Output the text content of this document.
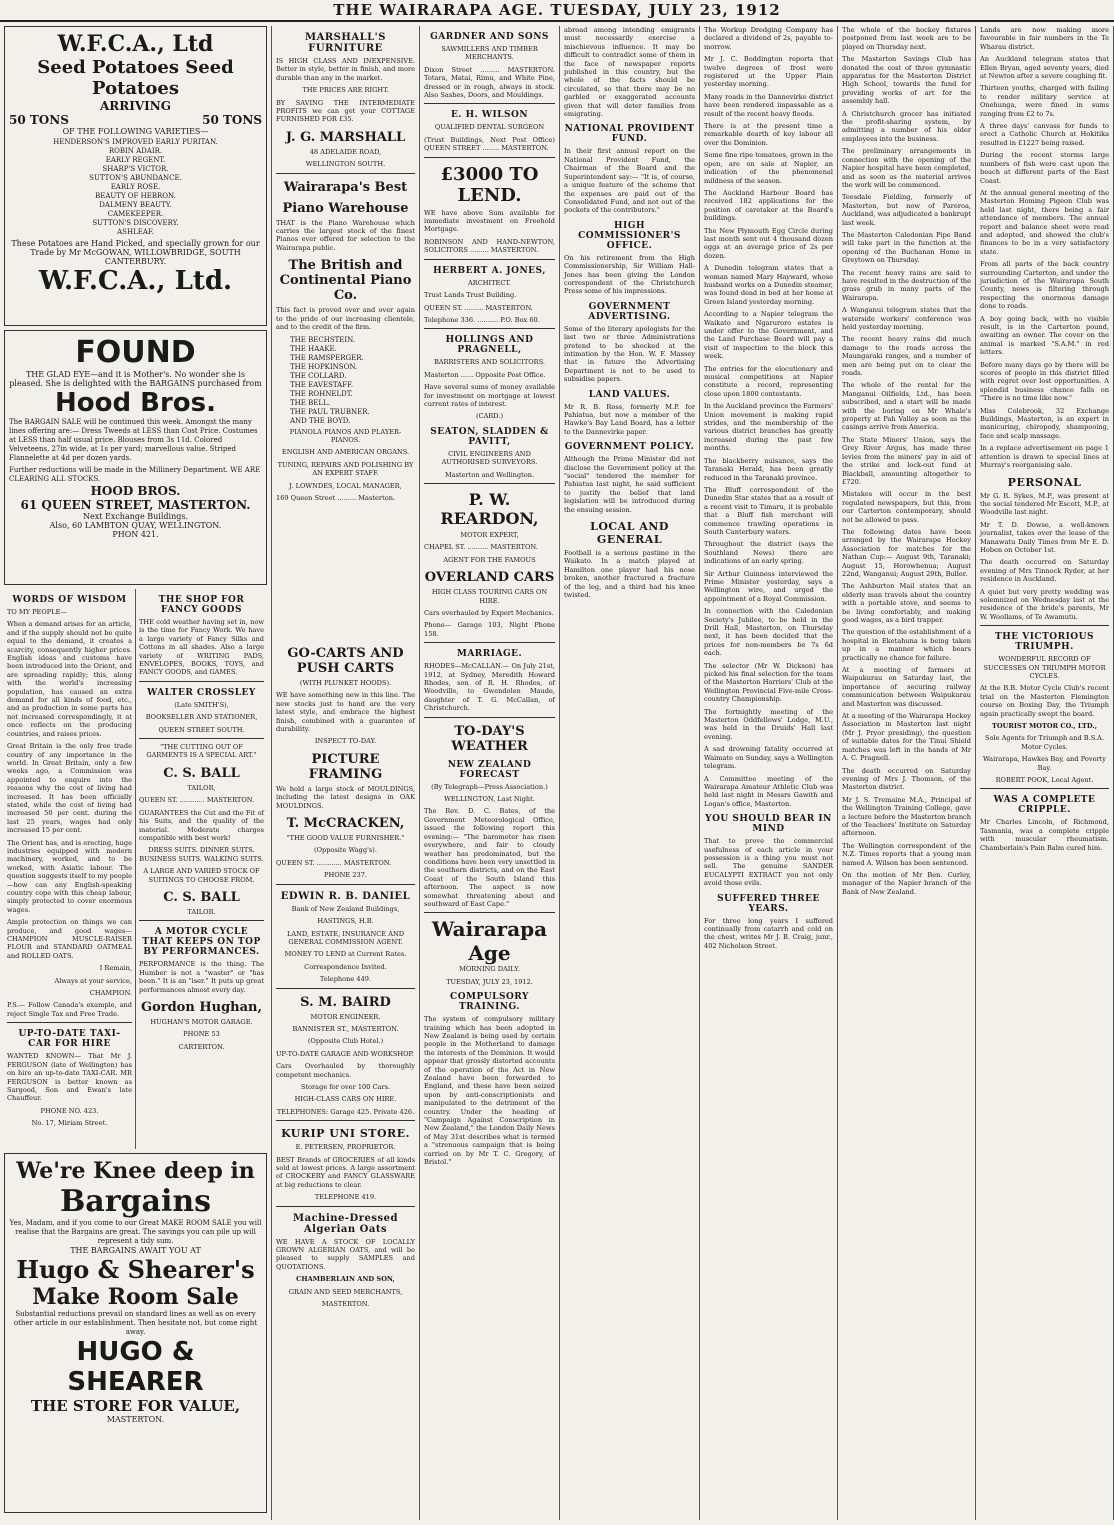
THE WAIRARAPA AGE. TUESDAY, JULY 23, 1912
W.F.C.A., Ltd
Seed Potatoes Seed Potatoes
ARRIVING
50 TONS	50 TONS
OF THE FOLLOWING VARIETIES—
HENDERSON'S IMPROVED EARLY PURITAN.
ROBIN ADAIR.
EARLY REGENT.
SHARP'S VICTOR.
SUTTON'S ABUNDANCE.
EARLY ROSE.
BEAUTY OF HEBRON.
DALMENY BEAUTY.
CAMEKEEPER.
SUTTON'S DISCOVERY.
ASHLEAF.
These Potatoes are Hand Picked, and specially grown for our Trade by Mr McGOWAN, WILLOWBRIDGE, SOUTH CANTERBURY.
W.F.C.A., Ltd.
FOUND
THE GLAD EYE—and it is Mother's. No wonder she is pleased. She is delighted with the BARGAINS purchased from
Hood Bros.
The BARGAIN SALE will be continued this week. Amongst the many lines offering are:— Dress Tweeds at LESS than Cost Price. Costumes at LESS than half usual price. Blouses from 3s 11d. Colored Velveteens, 27in wide, at 1s per yard; marvellous value. Striped Flannelette at 4d per dozen yards.
Further reductions will be made in the Millinery Department. WE ARE CLEARING ALL STOCKS.
HOOD BROS.
61 QUEEN STREET, MASTERTON.
Next Exchange Buildings.
Also, 60 LAMBTON QUAY, WELLINGTON.
PHON 421.
WORDS OF WISDOM
TO MY PEOPLE—
When a demand arises for an article, and if the supply should not be quite equal to the demand, it creates a scarcity, consequently higher prices. English ideas and customs have been introduced into the Orient, and are spreading rapidly; this, along with the world's increasing population, has caused an extra demand for all kinds of food, etc., and as production in some parts has not increased correspondingly, it at once reflects on the producing countries, and raises prices.
Great Britain is the only free trade country of any importance in the world. In Great Britain, only a few weeks ago, a Commission was appointed to enquire into the reasons why the cost of living had increased. It has been officially stated, while the cost of living had increased 50 per cent. during the last 25 years, wages had only increased 15 per cent.
The Orient has, and is erecting, huge industries equipped with modern machinery, worked, and to be worked, with Asiatic labour. The question suggests itself to my people—how can any English-speaking country cope with this cheap labour, simply protected to cover enormous wages.
Ample protection on things we can produce, and good wages—CHAMPION MUSCLE-RAISER FLOUR and STANDARD OATMEAL and ROLLED OATS.
I Remain,
Always at your service,
CHAMPION.
P.S.— Follow Canada's example, and reject Single Tax and Free Trade.
UP-TO-DATE TAXI-CAR FOR HIRE
WANTED KNOWN— That Mr J. FERGUSON (late of Wellington) has on hire an up-to-date TAXI-CAR. MR FERGUSON is better known as Sargood, Son and Ewan's late Chauffeur.
PHONE NO. 423.
No. 17, Miriam Street.
THE SHOP FOR FANCY GOODS
THE cold weather having set in, now is the time for Fancy Work. We have a large variety of Fancy Silks and Cottons in all shades. Also a large variety of WRITING PADS, ENVELOPES, BOOKS, TOYS, and FANCY GOODS, and GAMES.
WALTER CROSSLEY
(Late SMITH'S),
BOOKSELLER AND STATIONER,
QUEEN STREET SOUTH.
"THE CUTTING OUT OF GARMENTS IS A SPECIAL ART."
C. S. BALL
TAILOR,
QUEEN ST. ............ MASTERTON.
GUARANTEES the Cut and the Fit of his Suits, and the quality of the material. Moderate charges compatible with best work!
DRESS SUITS. DINNER SUITS. BUSINESS SUITS. WALKING SUITS.
A LARGE AND VARIED STOCK OF SUITINGS TO CHOOSE FROM.
C. S. BALL
TAILOR.
A MOTOR CYCLE THAT KEEPS ON TOP BY PERFORMANCES.
PERFORMANCE is the thing. The Humber is not a "waster" or "has been." It is an "iser." It puts up great performances almost every day.
Gordon Hughan,
HUGHAN'S MOTOR GARAGE.
PHONE 53
CARTERTON.
We're Knee deep in
Bargains
Yes, Madam, and if you come to our Great MAKE ROOM SALE you will realise that the Bargains are great. The savings you can pile up will represent a tidy sum.
THE BARGAINS AWAIT YOU AT
Hugo & Shearer's
Make Room Sale
Substantial reductions prevail on standard lines as well as on every other article in our establishment. Then hesitate not, but come right away.
HUGO & SHEARER
THE STORE FOR VALUE,
MASTERTON.
MARSHALL'S FURNITURE
IS HIGH CLASS AND INEXPENSIVE. Better in style, better in finish, and more durable than any in the market.
THE PRICES ARE RIGHT.
BY SAVING THE INTERMEDIATE PROFITS we can get your COTTAGE FURNISHED FOR £35.
J. G. MARSHALL
48 ADELAIDE ROAD,
WELLINGTON SOUTH.
Wairarapa's Best
Piano Warehouse
THAT is the Piano Warehouse which carries the largest stock of the finest Pianos ever offered for selection to the Wairarapa public.
The British and Continental Piano Co.
This fact is proved over and over again to the pride of our increasing clientele, and to the credit of the firm.
THE BECHSTEIN.
THE HAAKE.
THE RAMSPERGER.
THE HOPKINSON.
THE COLLARD.
THE EAVESTAFF.
THE ROHNELDT.
THE BELL.
THE PAUL TRUBNER.
AND THE BOYD.
PIANOLA PIANOS AND PLAYER-PIANOS.
ENGLISH AND AMERICAN ORGANS.
TUNING, REPAIRS AND POLISHING BY AN EXPERT STAFF.
J. LOWNDES, LOCAL MANAGER,
169 Queen Street ......... Masterton.
GO-CARTS AND PUSH CARTS
(WITH PLUNKET HOODS).
WE have something new in this line. The new stocks just to hand are the very latest style, and embrace the highest finish, combined with a guarantee of durability.
INSPECT TO-DAY.
PICTURE FRAMING
We hold a large stock of MOULDINGS, including the latest designs in OAK MOULDINGS.
T. McCRACKEN,
"THE GOOD VALUE FURNISHER."
(Opposite Wagg's).
QUEEN ST. ............ MASTERTON.
PHONE 237.
EDWIN R. B. DANIEL
Bank of New Zealand Buildings,
HASTINGS, H.B.
LAND, ESTATE, INSURANCE AND GENERAL COMMISSION AGENT.
MONEY TO LEND at Current Rates.
Correspondence Invited.
Telephone 449.
S. M. BAIRD
MOTOR ENGINEER.
BANNISTER ST., MASTERTON.
(Opposite Club Hotel.)
UP-TO-DATE GARAGE AND WORKSHOP.
Cars Overhauled by thoroughly competent mechanics.
Storage for over 100 Cars.
HIGH-CLASS CARS ON HIRE.
TELEPHONES: Garage 425. Private 426.
KURIP UNI STORE.
E. PETERSEN, PROPRIETOR.
BEST Brands of GROCERIES of all kinds sold at lowest prices. A large assortment of CROCKERY and FANCY GLASSWARE at big reductions to clear.
TELEPHONE 419.
Machine-Dressed Algerian Oats
WE HAVE A STOCK OF LOCALLY GROWN ALGERIAN OATS, and will be pleased to supply SAMPLES and QUOTATIONS.
CHAMBERLAIN AND SON,
GRAIN AND SEED MERCHANTS,
MASTERTON.
GARDNER AND SONS
SAWMILLERS AND TIMBER MERCHANTS.
Dixon Street ......... MASTERTON. Totara, Matai, Rimu, and White Pine, dressed or in rough, always in stock. Also Sashes, Doors, and Mouldings.
E. H. WILSON
QUALIFIED DENTAL SURGEON
(Trust Buildings, Next Post Office) QUEEN STREET ........ MASTERTON.
£3000 TO LEND.
WE have above Sum available for immediate investment on Freehold Mortgage.
ROBINSON AND HAND-NEWTON, SOLICITORS ......... MASTERTON.
HERBERT A. JONES,
ARCHITECT.
Trust Lands Trust Building.
QUEEN ST. ......... MASTERTON.
Telephone 336. .......... P.O. Box 60.
HOLLINGS AND PRAGNELL,
BARRISTERS AND SOLICITORS.
Masterton ...... Opposite Post Office.
Have several sums of money available for investment on mortgage at lowest current rates of interest.
(CARD.)
SEATON, SLADDEN & PAVITT,
CIVIL ENGINEERS AND AUTHORISED SURVEYORS.
Masterton and Wellington.
P. W. REARDON,
MOTOR EXPERT,
CHAPEL ST. .......... MASTERTON.
AGENT FOR THE FAMOUS
OVERLAND CARS
HIGH CLASS TOURING CARS ON HIRE.
Cars overhauled by Expert Mechanics.
Phone— Garage 103, Night Phone 158.
MARRIAGE.
RHODES—McCALLAN.— On July 21st, 1912, at Sydney, Meredith Howard Rhodes, son of R. H. Rhodes, of Woodville, to Gwendolen Maude, daughter of T. G. McCallan, of Christchurch.
TO-DAY'S WEATHER
NEW ZEALAND FORECAST
(By Telegraph—Press Association.)
WELLINGTON, Last Night.
The Rev. D. C. Bates, of the Government Meteorological Office, issued the following report this evening:— "The barometer has risen everywhere, and fair to cloudy weather has predominated, but the conditions have been very unsettled in the southern districts, and on the East Coast of the South Island this afternoon. The aspect is now somewhat threatening about and southward of East Cape."
Wairarapa Age
MORNING DAILY.
TUESDAY, JULY 23, 1912.
COMPULSORY TRAINING.
The system of compulsory military training which has been adopted in New Zealand is being used by certain people in the Motherland to damage the interests of the Dominion. It would appear that grossly distorted accounts of the operation of the Act in New Zealand have been forwarded to England, and these have been seized upon by anti-conscriptionists and manipulated to the detriment of the country. Under the heading of "Campaign Against Conscription in New Zealand," the London Daily News of May 31st describes what is termed a "strenuous campaign that is being carried on by Mr T. C. Gregory, of Bristol."
abroad among intending emigrants must necessarily exercise a mischievous influence. It may be difficult to contradict some of them in the face of newspaper reports published in this country, but the whole of the facts should be circulated, so that there may be no garbled or exaggerated accounts given that will deter families from emigrating.
NATIONAL PROVIDENT FUND.
In their first annual report on the National Provident Fund, the Chairman of the Board and the Superintendent say:— "It is, of course, a unique feature of the scheme that the expenses are paid out of the Consolidated Fund, and not out of the pockets of the contributors."
HIGH COMMISSIONER'S OFFICE.
On his retirement from the High Commissionership, Sir William Hall-Jones has been giving the London correspondent of the Christchurch Press some of his impressions.
GOVERNMENT ADVERTISING.
Some of the literary apologists for the last two or three Administrations pretend to be shocked at the intimation by the Hon. W. F. Massey that in future the Advertising Department is not to be used to subsidise papers.
LAND VALUES.
Mr R. B. Ross, formerly M.P. for Pahiatua, but now a member of the Hawke's Bay Land Board, has a letter to the Dannevirke paper.
GOVERNMENT POLICY.
Although the Prime Minister did not disclose the Government policy at the "social" tendered the member for Pahiatua last night, he said sufficient to justify the belief that land legislation will be introduced during the ensuing session.
LOCAL AND GENERAL
Football is a serious pastime in the Waikato. In a match played at Hamilton one player had his nose broken, another fractured a fracture of the leg, and a third had his knee twisted.
The Workup Dredging Company has declared a dividend of 2s, payable to-morrow.
Mr J. C. Boddington reports that twelve degrees of frost were registered at the Upper Plain yesterday morning.
Many roads in the Dannevirke district have been rendered impassable as a result of the recent heavy floods.
There is at the present time a remarkable dearth of key labour all over the Dominion.
Some fine ripe tomatoes, grown in the open, are on sale at Napier, an indication of the phenomenal mildness of the season.
The Auckland Harbour Board has received 182 applications for the position of caretaker at the Board's buildings.
The New Plymouth Egg Circle during last month sent out 4 thousand dozen eggs at an average price of 2s per dozen.
A Dunedin telegram states that a woman named Mary Hayward, whose husband works on a Dunedin steamer, was found dead in bed at her home at Green Island yesterday morning.
According to a Napier telegram the Waikato and Ngaruroro estates is under offer to the Government, and the Land Purchase Board will pay a visit of inspection to the block this week.
The entries for the elocutionary and musical competitions at Napier constitute a record, representing close upon 1800 contestants.
In the Auckland province the Farmers' Union movement is making rapid strides, and the membership of the various district branches has greatly increased during the past few months.
The blackberry nuisance, says the Taranaki Herald, has been greatly reduced in the Taranaki province.
The Bluff correspondent of the Dunedin Star states that as a result of a recent visit to Timaru, it is probable that a Bluff fish merchant will commence trawling operations in South Canterbury waters.
Throughout the district (says the Southland News) there are indications of an early spring.
Sir Arthur Guinness interviewed the Prime Minister yesterday, says a Wellington wire, and urged the appointment of a Royal Commission.
In connection with the Caledonian Society's Jubilee, to be held in the Drill Hall, Masterton, on Thursday next, it has been decided that the prices for non-members be 7s 6d each.
The selector (Mr W. Dickson) has picked his final selection for the team of the Masterton Harriers' Club at the Wellington Provincial Five-mile Cross-country Championship.
The fortnightly meeting of the Masterton Oddfellows' Lodge, M.U., was held in the Druids' Hall last evening.
A sad drowning fatality occurred at Waimate on Sunday, says a Wellington telegram.
A Committee meeting of the Wairarapa Amateur Athletic Club was held last night in Messrs Gawith and Logan's office, Masterton.
YOU SHOULD BEAR IN MIND
That to prove the commercial usefulness of each article in your possession is a thing you must not sell. The genuine SANDER EUCALYPTI EXTRACT you not only avoid those evils.
SUFFERED THREE YEARS.
For three long years I suffered continually from catarrh and cold on the chest, writes Mr J. B. Craig, junr., 402 Nicholson Street.
The whole of the hockey fixtures postponed from last week are to be played on Thursday next.
The Masterton Savings Club has donated the cost of three gymnastic apparatus for the Masterton District High School, towards the fund for providing works of art for the assembly hall.
A Christchurch grocer has initiated the profit-sharing system, by admitting a number of his older employees into the business.
The preliminary arrangements in connection with the opening of the Napier hospital have been completed, and as soon as the material arrives the work will be commenced.
Teesdale Fielding, formerly of Masterton, but now of Pareroa, Auckland, was adjudicated a bankrupt last week.
The Masterton Caledonian Pipe Band will take part in the function at the opening of the Buchanan Home in Greytown on Thursday.
The recent heavy rains are said to have resulted in the destruction of the grass grub in many parts of the Wairarapa.
A Wanganui telegram states that the waterside workers' conference was held yesterday morning.
The recent heavy rains did much damage to the roads across the Maungaraki ranges, and a number of men are being put on to clear the roads.
The whole of the rental for the Manganui Oilfields, Ltd., has been subscribed, and a start will be made with the boring on Mr Whale's property at Pah Valley as soon as the casings arrive from America.
The State Miners' Union, says the Grey River Argus, has made three levies from the miners' pay in aid of the strike and lock-out fund at Blackball, amounting altogether to £720.
Mistakes will occur in the best regulated newspapers, but this, from our Carterton contemporary, should not be allowed to pass.
The following dates have been arranged by the Wairarapa Hockey Association for matches for the Nathan Cup:— August 9th, Taranaki; August 15, Horowhenua; August 22nd, Wanganui; August 29th, Buller.
The Ashburton Mail states that an elderly man travels about the country with a portable stove, and seems to be living comfortably, and making good wages, as a bird trapper.
The question of the establishment of a hospital in Eketahuna is being taken up in a manner which bears practically no chance for failure.
At a meeting of farmers at Waipukurau on Saturday last, the importance of securing railway communication between Waipukurau and Masterton was discussed.
At a meeting of the Wairarapa Hockey Association in Masterton last night (Mr J. Pryor presiding), the question of suitable dates for the Tinui Shield matches was left in the hands of Mr A. C. Pragnell.
The death occurred on Saturday evening of Mrs J. Thomson, of the Masterton district.
Mr J. S. Tremaine M.A., Principal of the Wellington Training College, gave a lecture before the Masterton branch of the Teachers' Institute on Saturday afternoon.
The Wellington correspondent of the N.Z. Times reports that a young man named A. Wilson has been sentenced.
On the motion of Mr Ben. Curley, manager of the Napier branch of the Bank of New Zealand.
Lands are now making more favourable in fair numbers in the Te Wharau district.
An Auckland telegram states that Ellen Bryan, aged seventy years, died at Newton after a severe coughing fit.
Thirteen youths, charged with failing to render military service at Onehunga, were fined in sums ranging from £2 to 7s.
A three days' canvass for funds to erect a Catholic Church at Hokitika resulted in £1227 being raised.
During the recent storms large numbers of fish were cast upon the beach at different parts of the East Coast.
At the annual general meeting of the Masterton Homing Pigeon Club was held last night, there being a fair attendance of members. The annual report and balance sheet were read and adopted, and showed the club's finances to be in a very satisfactory state.
From all parts of the back country surrounding Carterton, and under the jurisdiction of the Wairarapa South County, news is filtering through respecting the enormous damage done to roads.
A boy going back, with no visible result, is in the Carterton pound, awaiting an owner. The cover on the animal is marked "S.A.M." in red letters.
Before many days go by there will be scores of people in this district filled with regret over lost opportunities. A splendid business chance falls on "There is no time like now."
Miss Colebrook, 32 Exchange Buildings, Masterton, is an expert in manicuring, chiropody, shampooing, face and scalp massage.
In a replace advertisement on page 1 attention is drawn to special lines at Murray's reorganising sale.
PERSONAL
Mr G. R. Sykes, M.P., was present at the social tendered Mr Escott, M.P., at Woodville last night.
Mr T. D. Dowse, a well-known journalist, takes over the lease of the Manawatu Daily Times from Mr E. D. Hoben on October 1st.
The death occurred on Saturday evening of Mrs Tinnock Ryder, at her residence in Auckland.
A quiet but very pretty wedding was solemnized on Wednesday last at the residence of the bride's parents, Mr W. Woollams, of Te Awamutu.
THE VICTORIOUS TRIUMPH.
WONDERFUL RECORD OF SUCCESSES ON TRIUMPH MOTOR CYCLES.
At the B.B. Motor Cycle Club's recent trial on the Masterton Flemington course on Boxing Day, the Triumph again practically swept the board.
TOURIST MOTOR CO., LTD.,
Sole Agents for Triumph and B.S.A. Motor Cycles.
Wairarapa, Hawkes Bay, and Poverty Bay.
ROBERT POOK, Local Agent.
WAS A COMPLETE CRIPPLE.
Mr Charles Lincoln, of Richmond, Tasmania, was a complete cripple with muscular rheumatism. Chamberlain's Pain Balm cured him.
